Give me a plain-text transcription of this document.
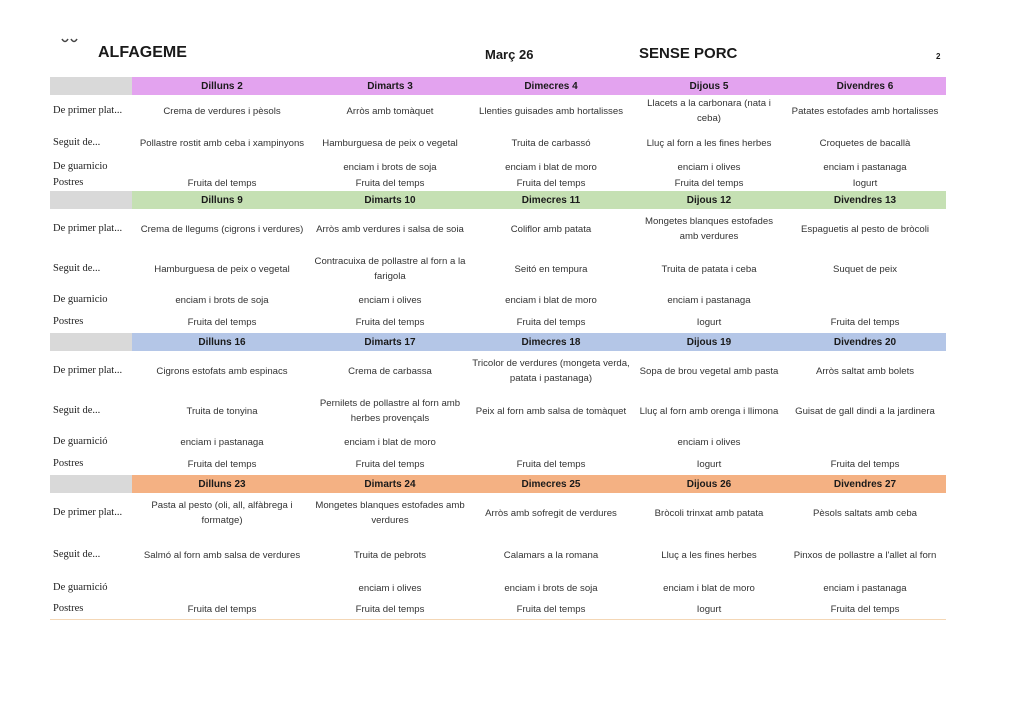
ALFAGEME	Març 26	SENSE PORC	2
	Dilluns 2	Dimarts 3	Dimecres 4	Dijous 5	Divendres 6
De primer plat...	Crema de verdures i pèsols	Arròs amb tomàquet	Llenties guisades amb hortalisses	Llacets a la carbonara (nata i ceba)	Patates estofades amb hortalisses
Seguit de...	Pollastre rostit amb ceba i xampinyons	Hamburguesa de peix o vegetal	Truita de carbassó	Lluç al forn a les fines herbes	Croquetes de bacallà
De guarnicio		enciam i brots de soja	enciam i blat de moro	enciam i olives	enciam i pastanaga
Postres	Fruita del temps	Fruita del temps	Fruita del temps	Fruita del temps	Iogurt
	Dilluns 9	Dimarts 10	Dimecres 11	Dijous 12	Divendres 13
De primer plat...	Crema de llegums (cigrons i verdures)	Arròs amb verdures i salsa de soia	Coliflor amb patata	Mongetes blanques estofades amb verdures	Espaguetis al pesto de bròcoli
Seguit de...	Hamburguesa de peix o vegetal	Contracuixa de pollastre al forn a la farigola	Seitó en tempura	Truita de patata i ceba	Suquet de peix
De guarnicio	enciam i brots de soja	enciam i olives	enciam i blat de moro	enciam i pastanaga	
Postres	Fruita del temps	Fruita del temps	Fruita del temps	Iogurt	Fruita del temps
	Dilluns 16	Dimarts 17	Dimecres 18	Dijous 19	Divendres 20
De primer plat...	Cigrons estofats amb espinacs	Crema de carbassa	Tricolor de verdures (mongeta verda, patata i pastanaga)	Sopa de brou vegetal amb pasta	Arròs saltat amb bolets
Seguit de...	Truita de tonyina	Pernilets de pollastre al forn amb herbes provençals	Peix al forn amb salsa de tomàquet	Lluç al forn amb orenga i llimona	Guisat de gall dindi a la jardinera
De guarnició	enciam i pastanaga	enciam i blat de moro		enciam i olives	
Postres	Fruita del temps	Fruita del temps	Fruita del temps	Iogurt	Fruita del temps
	Dilluns 23	Dimarts 24	Dimecres 25	Dijous 26	Divendres 27
De primer plat...	Pasta al pesto (oli, all, alfàbrega i formatge)	Mongetes blanques estofades amb verdures	Arròs amb sofregit de verdures	Bròcoli trinxat amb patata	Pèsols saltats amb ceba
Seguit de...	Salmó al forn amb salsa de verdures	Truita de pebrots	Calamars a la romana	Lluç a les fines herbes	Pinxos de pollastre a l'allet al forn
De guarnició		enciam i olives	enciam i brots de soja	enciam i blat de moro	enciam i pastanaga
Postres	Fruita del temps	Fruita del temps	Fruita del temps	Iogurt	Fruita del temps
